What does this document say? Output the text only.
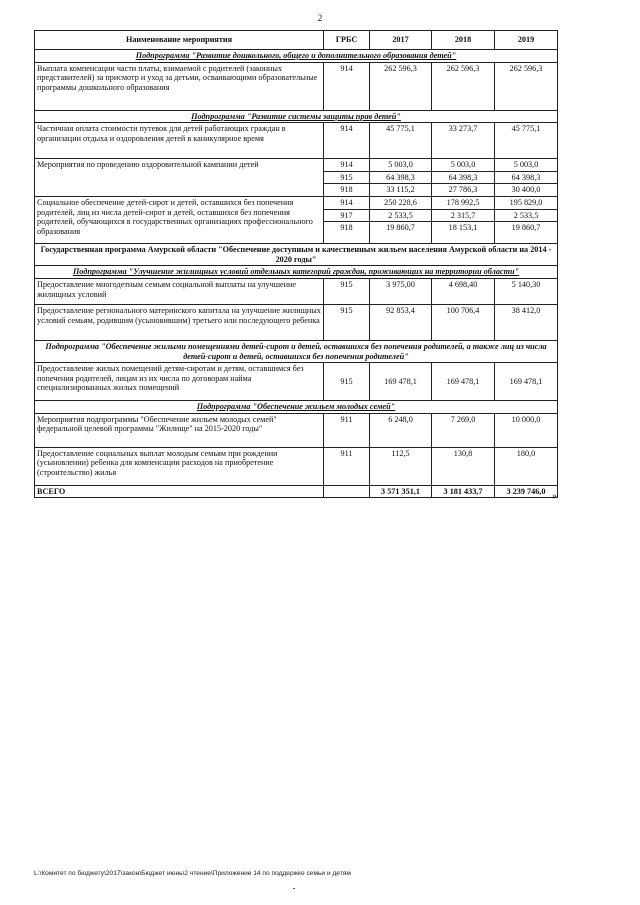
2
Наименование мероприятия	ГРБС	2017	2018	2019
Подпрограмма "Развитие дошкольного, общего и дополнительного образования детей"				
Выплата компенсации части платы, взимаемой с родителей (законных представителей) за присмотр и уход за детьми, осваивающими образовательные программы дошкольного образования	914	262 596,3	262 596,3	262 596,3
Подпрограмма "Развитие системы защиты прав детей"				
Частичная оплата стоимости путевок для детей работающих граждан в организации отдыха и оздоровления детей в каникулярное время	914	45 775,1	33 273,7	45 775,1
Мероприятия по проведению оздоровительной кампании детей	914	5 003,0	5 003,0	5 003,0
	915	64 398,3	64 398,3	64 398,3
	918	33 115,2	27 786,3	30 400,0
Социальное обеспечение детей-сирот и детей, оставшихся без попечения родителей, лиц из числа детей-сирот и детей, оставшихся без попечения родителей, обучающихся в государственных организациях профессионального образования	914	250 228,6	178 992,5	195 829,0
	917	2 533,5	2 315,7	2 533,5
	918	19 860,7	18 153,1	19 860,7
Государственная программа Амурской области "Обеспечение доступным и качественным жильем населения Амурской области на 2014 - 2020 годы"				
Подпрограмма "Улучшение жилищных условий отдельных категорий граждан, проживающих на территории области"				
Предоставление многодетным семьям социальной выплаты на улучшение жилищных условий	915	3 975,00	4 698,40	5 140,30
Предоставление регионального материнского капитала на улучшение жилищных условий семьям, родившим (усыновившим) третьего или последующего ребенка	915	92 853,4	100 706,4	38 412,0
Подпрограмма "Обеспечение жилыми помещениями детей-сирот и детей, оставшихся без попечения родителей, а также лиц из числа детей-сирот и детей, оставшихся без попечения родителей"				
Предоставление жилых помещений детям-сиротам и детям, оставшимся без попечения родителей, лицам из их числа по договорам найма специализированных жилых помещений	915	169 478,1	169 478,1	169 478,1
Подпрограмма "Обеспечение жильем молодых семей"				
Мероприятия подпрограммы "Обеспечение жильем молодых семей" федеральной целевой программы "Жилище" на 2015-2020 годы"	911	6 248,0	7 269,0	10 000,0
Предоставление социальных выплат молодым семьям при рождении (усыновлении) ребенка для компенсации расходов на приобретение (строительство) жилья	911	112,5	130,8	180,0
ВСЕГО		3 571 351,1	3 181 433,7	3 239 746,0 »
L:\Комитет по бюджету\2017\закон\Бюджет июнь\2 чтение\Приложение 14 по поддержке семьи и детям
